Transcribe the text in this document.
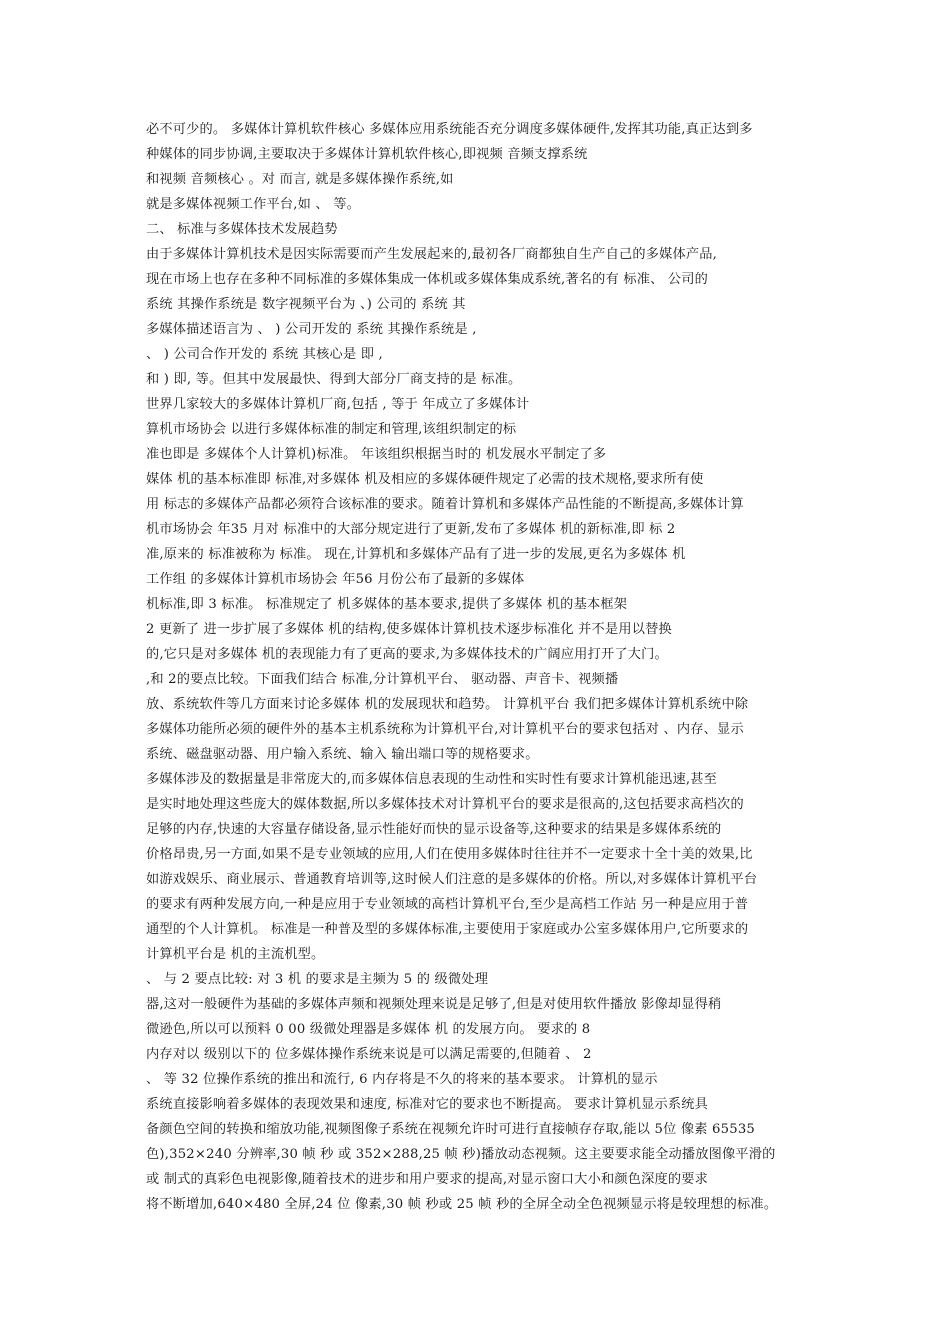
必不可少的。 多媒体计算机软件核心 多媒体应用系统能否充分调度多媒体硬件,发挥其功能,真正达到多
种媒体的同步协调,主要取决于多媒体计算机软件核心,即视频 音频支撑系统
和视频 音频核心 。对 而言, 就是多媒体操作系统,如
就是多媒体视频工作平台,如 、 等。
二、 标准与多媒体技术发展趋势
由于多媒体计算机技术是因实际需要而产生发展起来的,最初各厂商都独自生产自己的多媒体产品,
现在市场上也存在多种不同标准的多媒体集成一体机或多媒体集成系统,著名的有 标准、 公司的
系统 其操作系统是 数字视频平台为 、) 公司的 系统 其
多媒体描述语言为 、 ) 公司开发的 系统 其操作系统是 ,
、 ) 公司合作开发的 系统 其核心是 即 ,
和 ) 即, 等。但其中发展最快、得到大部分厂商支持的是 标准。
世界几家较大的多媒体计算机厂商,包括 , 等于 年成立了多媒体计
算机市场协会 以进行多媒体标准的制定和管理,该组织制定的标
准也即是 多媒体个人计算机)标准。 年该组织根据当时的 机发展水平制定了多
媒体 机的基本标准即 标准,对多媒体 机及相应的多媒体硬件规定了必需的技术规格,要求所有使
用 标志的多媒体产品都必须符合该标准的要求。随着计算机和多媒体产品性能的不断提高,多媒体计算
机市场协会 年35 月对 标准中的大部分规定进行了更新,发布了多媒体 机的新标准,即 标 2
准,原来的 标准被称为 标准。 现在,计算机和多媒体产品有了进一步的发展,更名为多媒体 机
工作组 的多媒体计算机市场协会 年56 月份公布了最新的多媒体
机标准,即 3 标准。 标准规定了 机多媒体的基本要求,提供了多媒体 机的基本框架
2 更新了 进一步扩展了多媒体 机的结构,使多媒体计算机技术逐步标准化 并不是用以替换
的,它只是对多媒体 机的表现能力有了更高的要求,为多媒体技术的广阔应用打开了大门。
,和 2的要点比较。下面我们结合 标准,分计算机平台、 驱动器、声音卡、视频播
放、系统软件等几方面来讨论多媒体 机的发展现状和趋势。 计算机平台 我们把多媒体计算机系统中除
多媒体功能所必须的硬件外的基本主机系统称为计算机平台,对计算机平台的要求包括对 、内存、显示
系统、磁盘驱动器、用户输入系统、输入 输出端口等的规格要求。
多媒体涉及的数据量是非常庞大的,而多媒体信息表现的生动性和实时性有要求计算机能迅速,甚至
是实时地处理这些庞大的媒体数据,所以多媒体技术对计算机平台的要求是很高的,这包括要求高档次的
足够的内存,快速的大容量存储设备,显示性能好而快的显示设备等,这种要求的结果是多媒体系统的
价格昂贵,另一方面,如果不是专业领域的应用,人们在使用多媒体时往往并不一定要求十全十美的效果,比
如游戏娱乐、商业展示、普通教育培训等,这时候人们注意的是多媒体的价格。所以,对多媒体计算机平台
的要求有两种发展方向,一种是应用于专业领域的高档计算机平台,至少是高档工作站 另一种是应用于普
通型的个人计算机。 标准是一种普及型的多媒体标准,主要使用于家庭或办公室多媒体用户,它所要求的
计算机平台是 机的主流机型。
、 与 2 要点比较: 对 3 机 的要求是主频为 5 的 级微处理
器,这对一般硬件为基础的多媒体声频和视频处理来说是足够了,但是对使用软件播放 影像却显得稍
微逊色,所以可以预料 0 00 级微处理器是多媒体 机 的发展方向。 要求的 8
内存对以 级别以下的 位多媒体操作系统来说是可以满足需要的,但随着 、 2
、 等 32 位操作系统的推出和流行, 6 内存将是不久的将来的基本要求。 计算机的显示
系统直接影响着多媒体的表现效果和速度, 标准对它的要求也不断提高。 要求计算机显示系统具
备颜色空间的转换和缩放功能,视频图像子系统在视频允许时可进行直接帧存存取,能以 5位 像素 65535
色),352×240 分辨率,30 帧 秒 或 352×288,25 帧 秒)播放动态视频。这主要要求能全动播放图像平滑的
或 制式的真彩色电视影像,随着技术的进步和用户要求的提高,对显示窗口大小和颜色深度的要求
将不断增加,640×480 全屏,24 位 像素,30 帧 秒或 25 帧 秒的全屏全动全色视频显示将是较理想的标准。
